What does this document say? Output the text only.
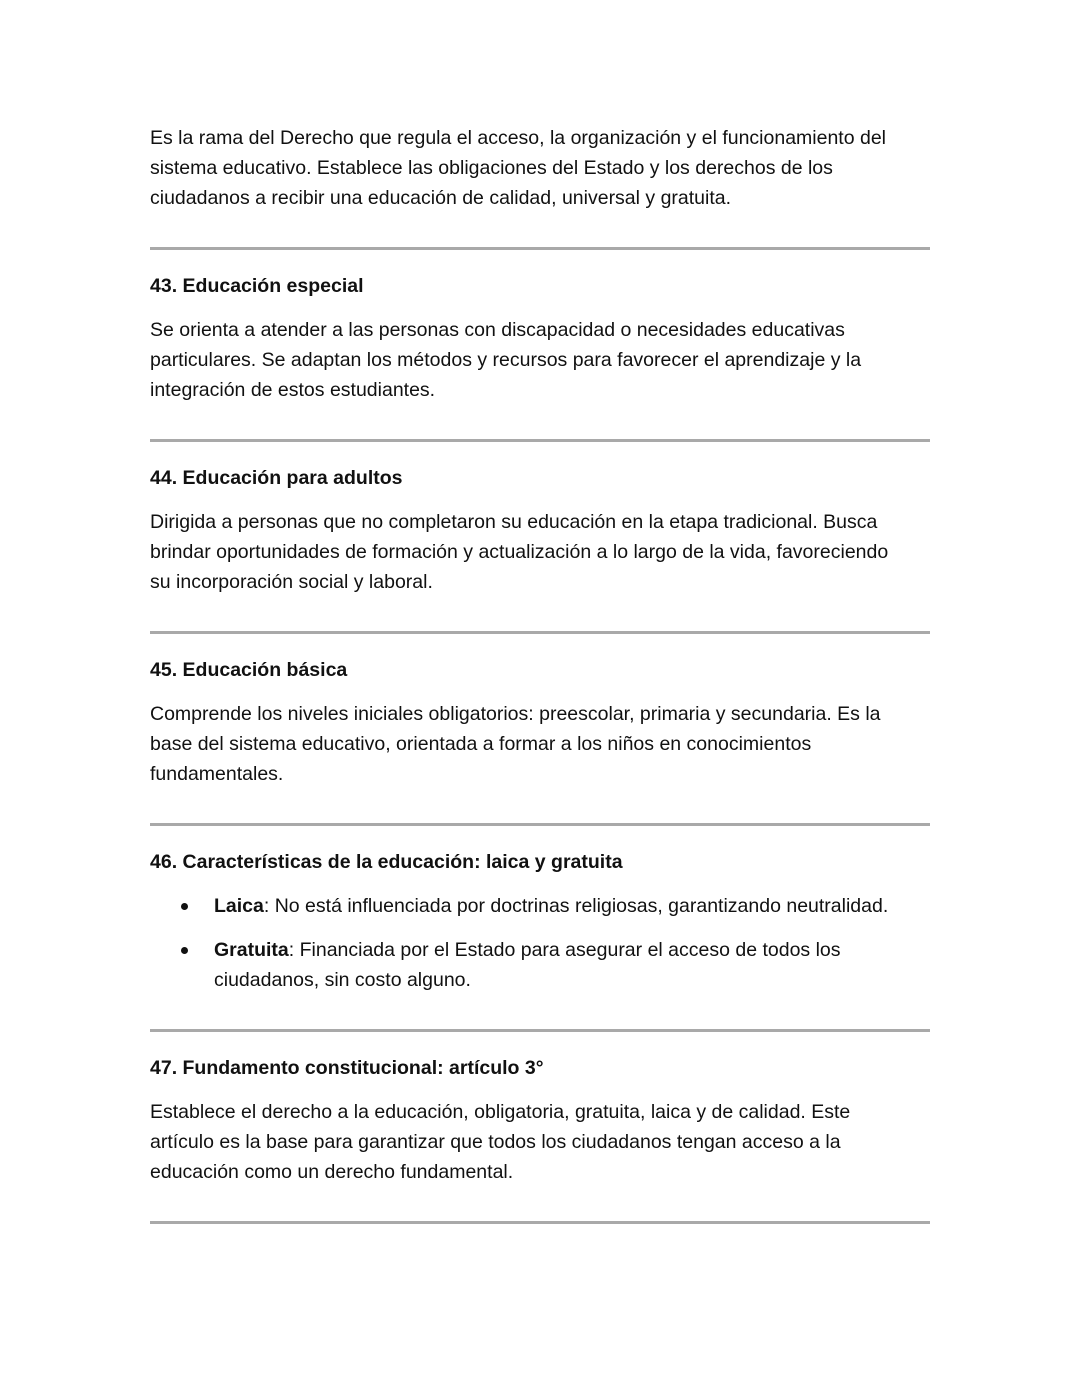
Es la rama del Derecho que regula el acceso, la organización y el funcionamiento del
sistema educativo. Establece las obligaciones del Estado y los derechos de los
ciudadanos a recibir una educación de calidad, universal y gratuita.
43. Educación especial
Se orienta a atender a las personas con discapacidad o necesidades educativas
particulares. Se adaptan los métodos y recursos para favorecer el aprendizaje y la
integración de estos estudiantes.
44. Educación para adultos
Dirigida a personas que no completaron su educación en la etapa tradicional. Busca
brindar oportunidades de formación y actualización a lo largo de la vida, favoreciendo
su incorporación social y laboral.
45. Educación básica
Comprende los niveles iniciales obligatorios: preescolar, primaria y secundaria. Es la
base del sistema educativo, orientada a formar a los niños en conocimientos
fundamentales.
46. Características de la educación: laica y gratuita
Laica: No está influenciada por doctrinas religiosas, garantizando neutralidad.
Gratuita: Financiada por el Estado para asegurar el acceso de todos los
ciudadanos, sin costo alguno.
47. Fundamento constitucional: artículo 3°
Establece el derecho a la educación, obligatoria, gratuita, laica y de calidad. Este
artículo es la base para garantizar que todos los ciudadanos tengan acceso a la
educación como un derecho fundamental.
